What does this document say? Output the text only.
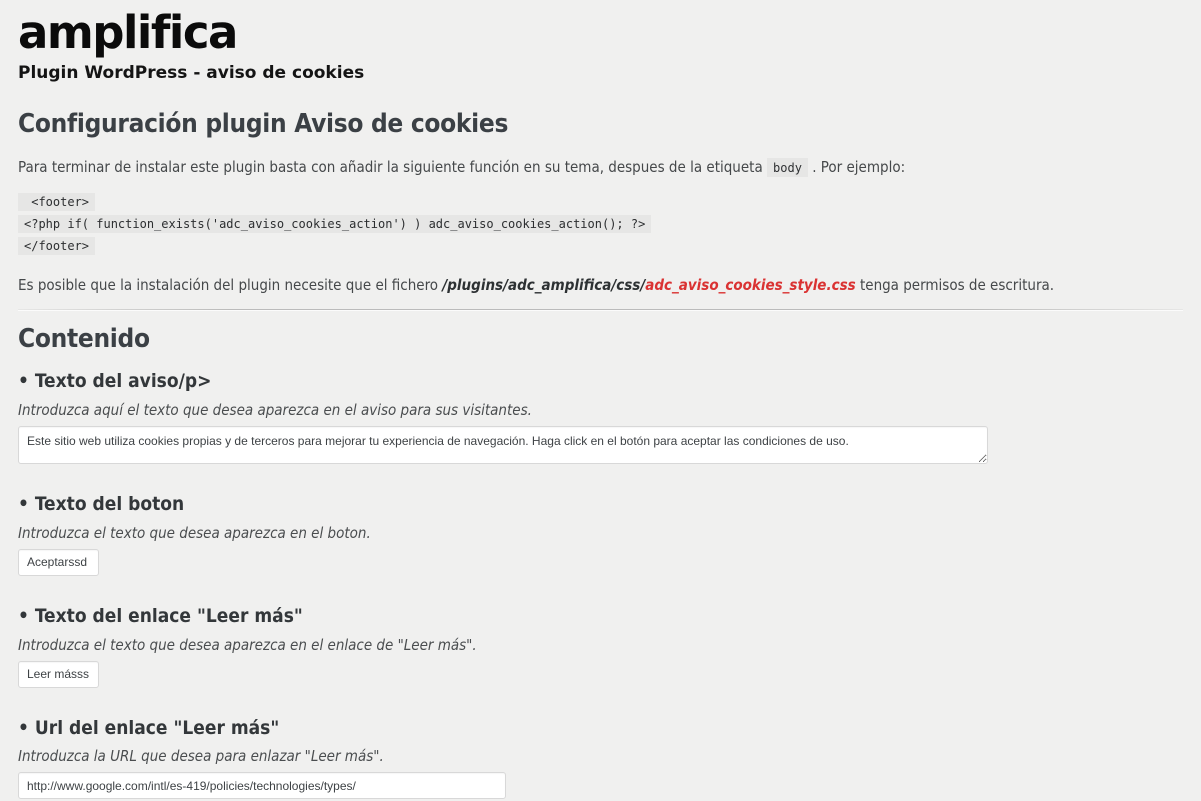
amplifica
Plugin WordPress - aviso de cookies
Configuración plugin Aviso de cookies

Para terminar de instalar este plugin basta con añadir la siguiente función en su tema, despues de la etiqueta body . Por ejemplo:

<footer>
<?php if( function_exists('adc_aviso_cookies_action') ) adc_aviso_cookies_action(); ?>
</footer>

Es posible que la instalación del plugin necesite que el fichero /plugins/adc_amplifica/css/adc_aviso_cookies_style.css tenga permisos de escritura.

Contenido
• Texto del aviso/p>

Introduzca aquí el texto que desea aparezca en el aviso para sus visitantes.

Este sitio web utiliza cookies propias y de terceros para mejorar tu experiencia de navegación. Haga click en el botón para aceptar las condiciones de uso.
• Texto del boton

Introduzca el texto que desea aparezca en el boton.

Aceptarssd
• Texto del enlace "Leer más"

Introduzca el texto que desea aparezca en el enlace de "Leer más".

Leer másss
• Url del enlace "Leer más"

Introduzca la URL que desea para enlazar "Leer más".

http://www.google.com/intl/es-419/policies/technologies/types/
